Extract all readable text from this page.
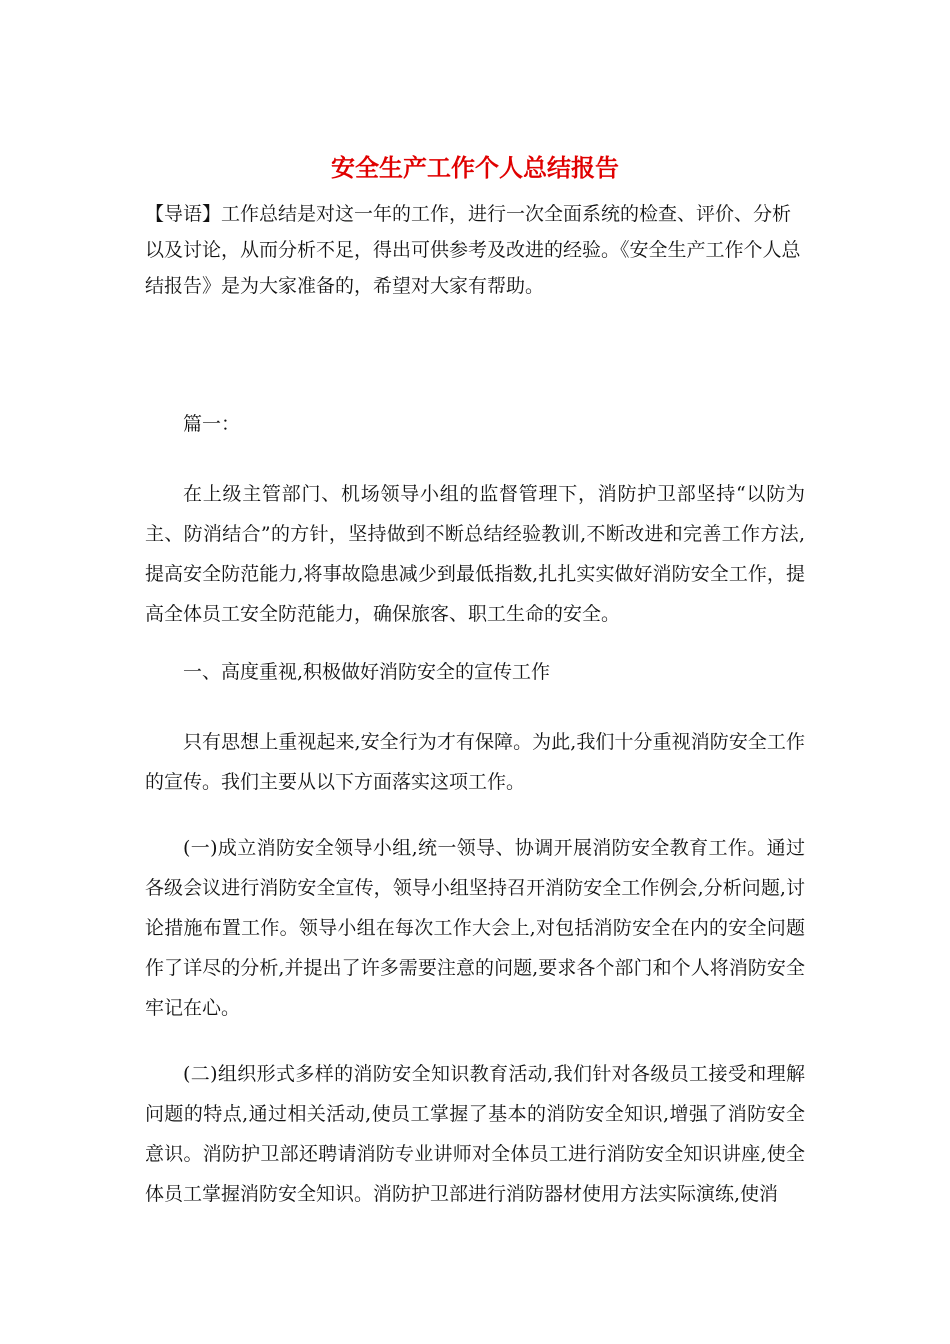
安全生产工作个人总结报告

【导语】工作总结是对这一年的工作，进行一次全面系统的检查、评价、分析以及讨论，从而分析不足，得出可供参考及改进的经验。《安全生产工作个人总结报告》是为大家准备的，希望对大家有帮助。

篇一：

在上级主管部门、机场领导小组的监督管理下，消防护卫部坚持“以防为主、防消结合”的方针，坚持做到不断总结经验教训,不断改进和完善工作方法,提高安全防范能力,将事故隐患减少到最低指数,扎扎实实做好消防安全工作，提高全体员工安全防范能力，确保旅客、职工生命的安全。

一、高度重视,积极做好消防安全的宣传工作

只有思想上重视起来,安全行为才有保障。为此,我们十分重视消防安全工作的宣传。我们主要从以下方面落实这项工作。

(一)成立消防安全领导小组,统一领导、协调开展消防安全教育工作。通过各级会议进行消防安全宣传，领导小组坚持召开消防安全工作例会,分析问题,讨论措施布置工作。领导小组在每次工作大会上,对包括消防安全在内的安全问题作了详尽的分析,并提出了许多需要注意的问题,要求各个部门和个人将消防安全牢记在心。

(二)组织形式多样的消防安全知识教育活动,我们针对各级员工接受和理解问题的特点,通过相关活动,使员工掌握了基本的消防安全知识,增强了消防安全意识。消防护卫部还聘请消防专业讲师对全体员工进行消防安全知识讲座,使全体员工掌握消防安全知识。消防护卫部进行消防器材使用方法实际演练,使消
